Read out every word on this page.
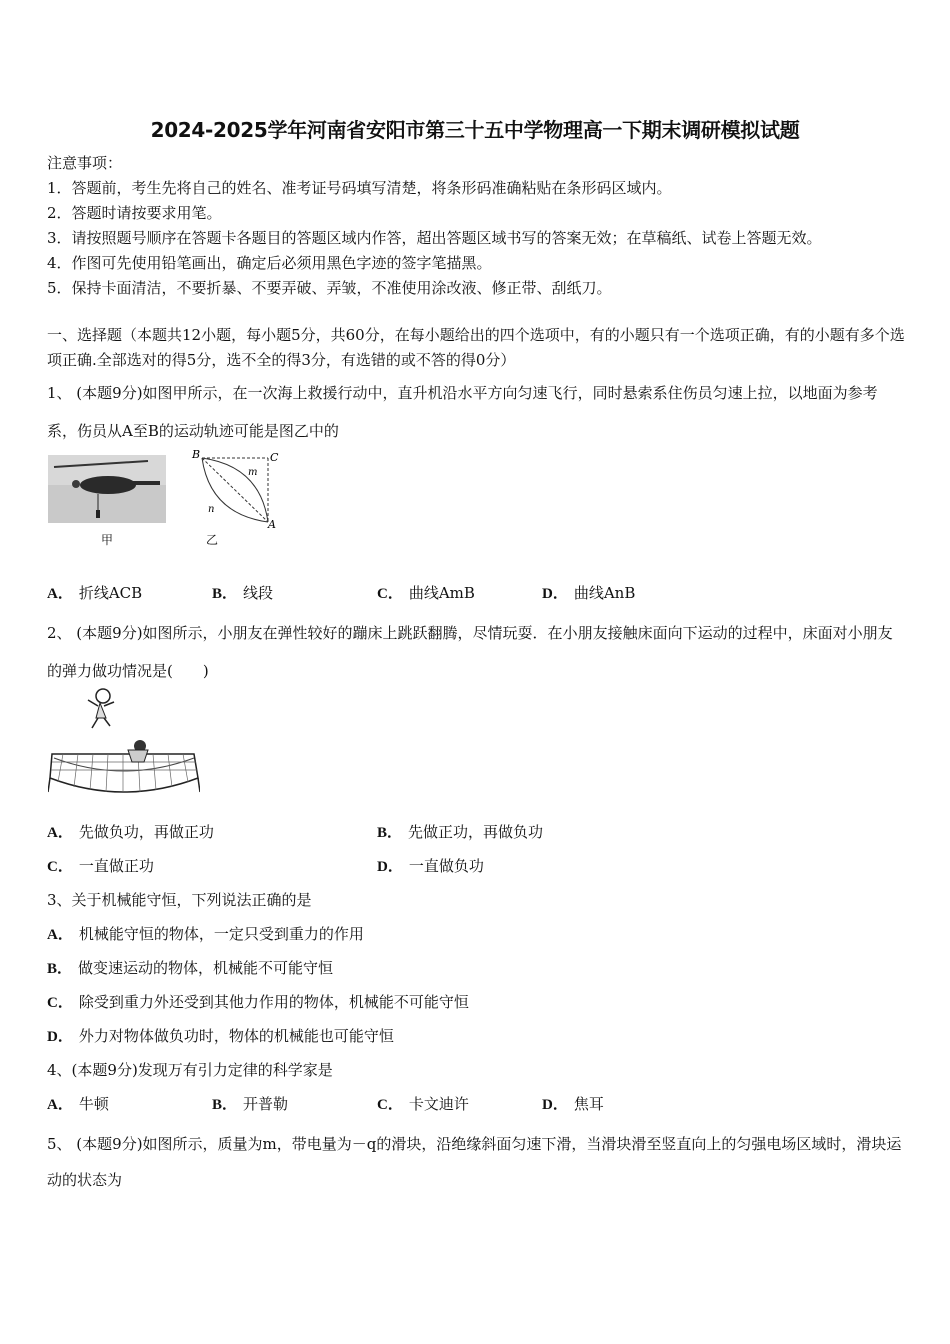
2024-2025学年河南省安阳市第三十五中学物理高一下期末调研模拟试题
注意事项：
1．答题前，考生先将自己的姓名、准考证号码填写清楚，将条形码准确粘贴在条形码区域内。
2．答题时请按要求用笔。
3．请按照题号顺序在答题卡各题目的答题区域内作答，超出答题区域书写的答案无效；在草稿纸、试卷上答题无效。
4．作图可先使用铅笔画出，确定后必须用黑色字迹的签字笔描黑。
5．保持卡面清洁，不要折暴、不要弄破、弄皱，不准使用涂改液、修正带、刮纸刀。
一、选择题（本题共12小题，每小题5分，共60分，在每小题给出的四个选项中，有的小题只有一个选项正确，有的小题有多个选项正确.全部选对的得5分，选不全的得3分，有选错的或不答的得0分）
1、 (本题9分)如图甲所示，在一次海上救援行动中，直升机沿水平方向匀速飞行，同时悬索系住伤员匀速上拉，以地面为参考系，伤员从A至B的运动轨迹可能是图乙中的
甲
B	C
A
m
n
乙
A． 折线ACB	B． 线段	C． 曲线AmB	D． 曲线AnB
2、 (本题9分)如图所示，小朋友在弹性较好的蹦床上跳跃翻腾，尽情玩耍．在小朋友接触床面向下运动的过程中，床面对小朋友的弹力做功情况是(　　)
A． 先做负功，再做正功	B． 先做正功，再做负功
C． 一直做正功	D． 一直做负功
3、关于机械能守恒，下列说法正确的是
A． 机械能守恒的物体，一定只受到重力的作用
B． 做变速运动的物体，机械能不可能守恒
C． 除受到重力外还受到其他力作用的物体，机械能不可能守恒
D． 外力对物体做负功时，物体的机械能也可能守恒
4、(本题9分)发现万有引力定律的科学家是
A． 牛顿	B． 开普勒	C． 卡文迪许	D． 焦耳
5、 (本题9分)如图所示，质量为m，带电量为－q的滑块，沿绝缘斜面匀速下滑，当滑块滑至竖直向上的匀强电场区域时，滑块运动的状态为
